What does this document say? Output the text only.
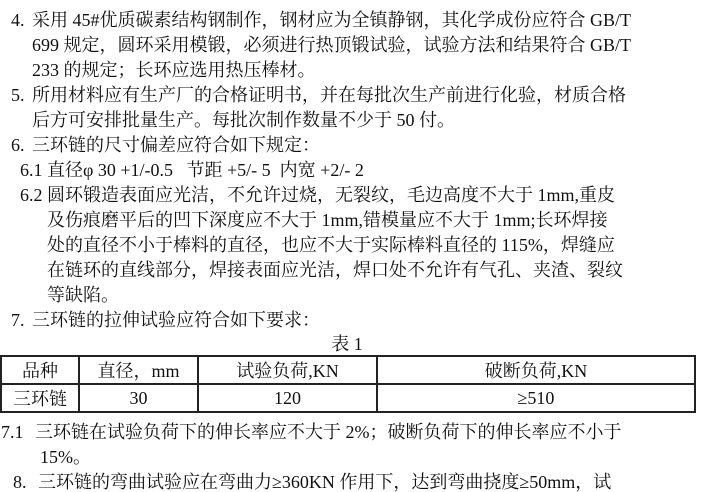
4. 采用 45#优质碳素结构钢制作，钢材应为全镇静钢，其化学成份应符合 GB/T
699 规定，圆环采用模锻，必须进行热顶锻试验，试验方法和结果符合 GB/T
233 的规定；长环应选用热压棒材。
5. 所用材料应有生产厂的合格证明书，并在每批次生产前进行化验，材质合格
后方可安排批量生产。每批次制作数量不少于 50 付。
6. 三环链的尺寸偏差应符合如下规定：
6.1 直径φ 30 +1/-0.5   节距 +5/- 5  内宽 +2/- 2
6.2 圆环锻造表面应光洁，不允许过烧，无裂纹，毛边高度不大于 1mm,重皮
及伤痕磨平后的凹下深度应不大于 1mm,错模量应不大于 1mm;长环焊接
处的直径不小于棒料的直径，也应不大于实际棒料直径的 115%，焊缝应
在链环的直线部分，焊接表面应光洁，焊口处不允许有气孔、夹渣、裂纹
等缺陷。
7. 三环链的拉伸试验应符合如下要求：
表 1
品种	直径，mm	试验负荷,KN	破断负荷,KN
三环链	30	120	≥510
7.1 三环链在试验负荷下的伸长率应不大于 2%；破断负荷下的伸长率应不小于
15%。
8. 三环链的弯曲试验应在弯曲力≥360KN 作用下，达到弯曲挠度≥50mm，试
